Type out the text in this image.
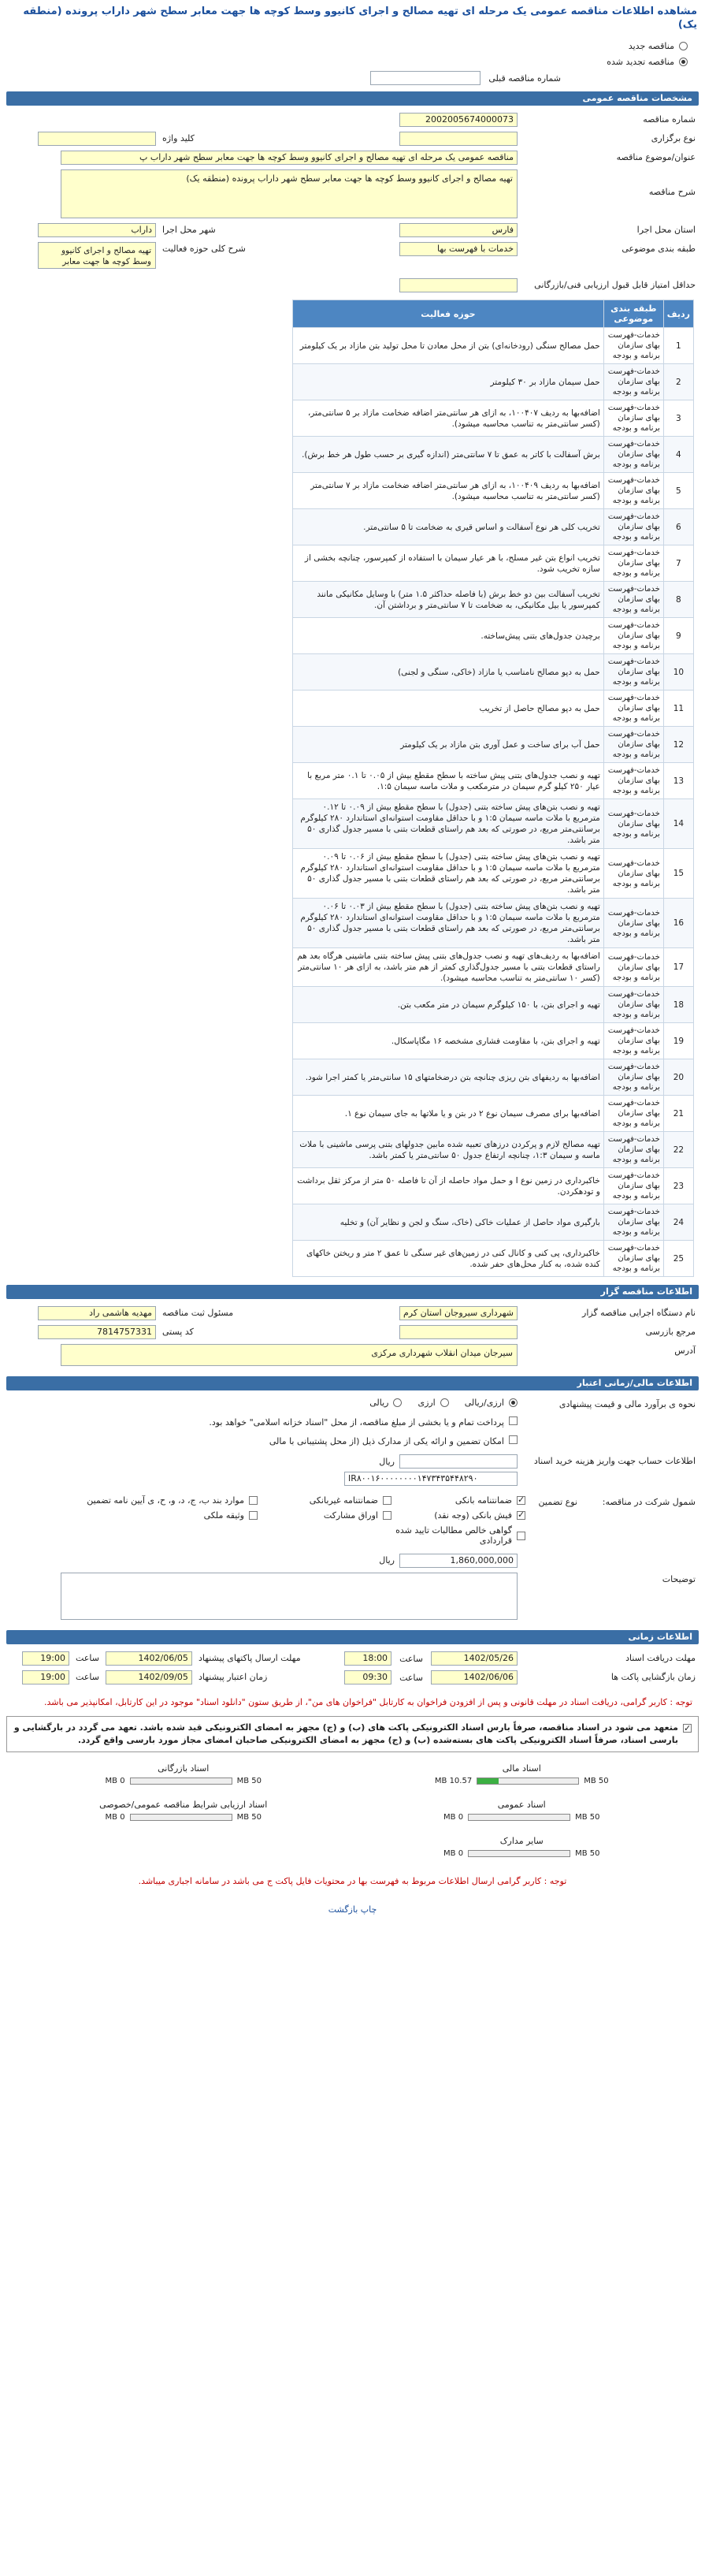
مشاهده اطلاعات مناقصه عمومی یک مرحله ای تهیه مصالح و اجرای کانیوو وسط کوچه ها جهت معابر سطح شهر داراب پرونده (منطقه یک)
مناقصه جدید
مناقصه تجدید شده
شماره مناقصه قبلی
مشخصات مناقصه عمومی
شماره مناقصه
2002005674000073
نوع برگزاری
کلید واژه
عنوان/موضوع مناقصه
مناقصه عمومی یک مرحله ای تهیه مصالح و اجرای کانیوو وسط کوچه ها جهت معابر سطح شهر داراب پ
شرح مناقصه
تهیه مصالح و اجرای کانیوو وسط کوچه ها جهت معابر سطح شهر داراب پرونده (منطقه یک)
استان محل اجرا
فارس
شهر محل اجرا
داراب
طبقه بندی موضوعی
خدمات با فهرست بها
شرح کلی حوزه فعالیت
تهیه مصالح و اجرای کانیوو وسط کوچه ها جهت معابر
حداقل امتیاز قابل قبول ارزیابی فنی/بازرگانی
ردیف	طبقه بندی موضوعی	حوزه فعالیت
1	خدمات-فهرست بهای سازمان برنامه و بودجه	حمل مصالح سنگی (رودخانه‌ای) بتن از محل معادن تا محل تولید بتن مازاد بر یک کیلومتر
2	خدمات-فهرست بهای سازمان برنامه و بودجه	حمل سیمان مازاد بر ۳۰ کیلومتر
3	خدمات-فهرست بهای سازمان برنامه و بودجه	اضافه‌بها به ردیف ۱۰۰۴۰۷، به ازای هر سانتی‌متر اضافه ضخامت مازاد بر ۵ سانتی‌متر، (کسر سانتی‌متر به تناسب محاسبه میشود).
4	خدمات-فهرست بهای سازمان برنامه و بودجه	برش آسفالت با کاتر به عمق تا ۷ سانتی‌متر (اندازه گیری بر حسب طول هر خط برش).
5	خدمات-فهرست بهای سازمان برنامه و بودجه	اضافه‌بها به ردیف ۱۰۰۴۰۹، به ازای هر سانتی‌متر اضافه ضخامت مازاد بر ۷ سانتی‌متر (کسر سانتی‌متر به تناسب محاسبه میشود).
6	خدمات-فهرست بهای سازمان برنامه و بودجه	تخریب کلی هر نوع آسفالت و اساس قیری به ضخامت تا ۵ سانتی‌متر.
7	خدمات-فهرست بهای سازمان برنامه و بودجه	تخریب انواع بتن غیر مسلح، با هر عیار سیمان با استفاده از کمپرسور، چنانچه بخشی از سازه تخریب شود.
8	خدمات-فهرست بهای سازمان برنامه و بودجه	تخریب آسفالت بین دو خط برش (با فاصله حداکثر ۱.۵ متر) با وسایل مکانیکی مانند کمپرسور یا بیل مکانیکی، به ضخامت تا ۷ سانتی‌متر و برداشتن آن.
9	خدمات-فهرست بهای سازمان برنامه و بودجه	برچیدن جدول‌های بتنی پیش‌ساخته.
10	خدمات-فهرست بهای سازمان برنامه و بودجه	حمل به دپو مصالح نامناسب یا مازاد (خاکی، سنگی و لجنی)
11	خدمات-فهرست بهای سازمان برنامه و بودجه	حمل به دپو مصالح حاصل از تخریب
12	خدمات-فهرست بهای سازمان برنامه و بودجه	حمل آب برای ساخت و عمل آوری بتن مازاد بر یک کیلومتر
13	خدمات-فهرست بهای سازمان برنامه و بودجه	تهیه و نصب جدول‌های بتنی پیش ساخته با سطح مقطع بیش از ۰.۰۵ تا ۰.۱ متر مربع با عیار ۲۵۰ کیلو گرم سیمان در مترمکعب و ملات ماسه سیمان ۱:۵.
14	خدمات-فهرست بهای سازمان برنامه و بودجه	تهیه و نصب بتن‌های پیش ساخته بتنی (جدول) با سطح مقطع بیش از ۰.۰۹ تا ۰.۱۲ مترمربع با ملات ماسه سیمان ۱:۵ و با حداقل مقاومت استوانه‌ای استاندارد ۲۸۰ کیلوگرم برسانتی‌متر مربع، در صورتی که بعد هم راستای قطعات بتنی با مسیر جدول گذاری ۵۰ متر باشد.
15	خدمات-فهرست بهای سازمان برنامه و بودجه	تهیه و نصب بتن‌های پیش ساخته بتنی (جدول) با سطح مقطع بیش از ۰.۰۶ تا ۰.۰۹ مترمربع با ملات ماسه سیمان ۱:۵ و با حداقل مقاومت استوانه‌ای استاندارد ۲۸۰ کیلوگرم برسانتی‌متر مربع، در صورتی که بعد هم راستای قطعات بتنی با مسیر جدول گذاری ۵۰ متر باشد.
16	خدمات-فهرست بهای سازمان برنامه و بودجه	تهیه و نصب بتن‌های پیش ساخته بتنی (جدول) با سطح مقطع بیش از ۰.۰۳ تا ۰.۰۶ مترمربع با ملات ماسه سیمان ۱:۵ و با حداقل مقاومت استوانه‌ای استاندارد ۲۸۰ کیلوگرم برسانتی‌متر مربع، در صورتی که بعد هم راستای قطعات بتنی با مسیر جدول گذاری ۵۰ متر باشد.
17	خدمات-فهرست بهای سازمان برنامه و بودجه	اضافه‌بها به ردیف‌های تهیه و نصب جدول‌های بتنی پیش ساخته بتنی ماشینی هرگاه بعد هم راستای قطعات بتنی با مسیر جدول‌گذاری کمتر از هم متر باشد، به ازای هر ۱۰ سانتی‌متر (کسر ۱۰ سانتی‌متر به تناسب محاسبه میشود).
18	خدمات-فهرست بهای سازمان برنامه و بودجه	تهیه و اجرای بتن، با ۱۵۰ کیلوگرم سیمان در متر مکعب بتن.
19	خدمات-فهرست بهای سازمان برنامه و بودجه	تهیه و اجرای بتن، با مقاومت فشاری مشخصه ۱۶ مگاپاسکال.
20	خدمات-فهرست بهای سازمان برنامه و بودجه	اضافه‌بها به ردیفهای بتن ریزی چنانچه بتن درضخامتهای ۱۵ سانتی‌متر یا کمتر اجرا شود.
21	خدمات-فهرست بهای سازمان برنامه و بودجه	اضافه‌بها برای مصرف سیمان نوع ۲ در بتن و یا ملاتها به جای سیمان نوع ۱.
22	خدمات-فهرست بهای سازمان برنامه و بودجه	تهیه مصالح لازم و پرکردن درزهای تعبیه شده مابین جدولهای بتنی پرسی ماشینی با ملات ماسه و سیمان ۱:۳، چنانچه ارتفاع جدول ۵۰ سانتی‌متر یا کمتر باشد.
23	خدمات-فهرست بهای سازمان برنامه و بودجه	خاکبرداری در زمین نوع I و حمل مواد حاصله از آن تا فاصله ۵۰ متر از مرکز ثقل برداشت و تودهکردن.
24	خدمات-فهرست بهای سازمان برنامه و بودجه	بارگیری مواد حاصل از عملیات خاکی (خاک، سنگ و لجن و نظایر آن) و تخلیه
25	خدمات-فهرست بهای سازمان برنامه و بودجه	خاکبرداری، پی کنی و کانال کنی در زمین‌های غیر سنگی تا عمق ۲ متر و ریختن خاکهای کنده شده، به کنار محل‌های حفر شده.
اطلاعات مناقصه گزار
نام دستگاه اجرایی مناقصه گزار
شهرداری سیروجان استان کرم
مسئول ثبت مناقصه
مهدیه هاشمی راد
مرجع بازرسی
کد پستی
7814757331
آدرس
سیرجان میدان انقلاب شهرداری مرکزی
اطلاعات مالی/زمانی اعتبار
نحوه ی برآورد مالی و قیمت پیشنهادی
ارزی/ریالی
ارزی
ریالی
پرداخت تمام و یا بخشی از مبلغ مناقصه، از محل "اسناد خزانه اسلامی" خواهد بود.
امکان تضمین و ارائه یکی از مدارک ذیل (از محل پشتیبانی با مالی
اطلاعات حساب جهت واریز هزینه خرید اسناد
ریال
IR۸۰۰۱۶۰۰۰۰۰۰۰۰۱۴۷۳۴۳۵۴۴۸۲۹۰
شمول شرکت در مناقصه:
نوع تضمین
✓
ضمانتنامه بانکی
ضمانتنامه غیربانکی
موارد بند ب، ج، د، و، ح، ی آیین نامه تضمین
✓
فیش بانکی (وجه نقد)
اوراق مشارکت
وثیقه ملکی
گواهی خالص مطالبات تایید شده قراردادی
1,860,000,000
ریال
توضیحات
اطلاعات زمانی
مهلت دریافت اسناد
1402/05/26
ساعت
18:00
مهلت ارسال پاکتهای پیشنهاد
1402/06/05
ساعت
19:00
زمان بازگشایی پاکت ها
1402/06/06
ساعت
09:30
زمان اعتبار پیشنهاد
1402/09/05
ساعت
19:00
توجه : کاربر گرامی، دریافت اسناد در مهلت قانونی و پس از افزودن فراخوان به کارتابل "فراخوان های من"، از طریق ستون "دانلود اسناد" موجود در این کارتابل، امکانپذیر می باشد.
✓
متعهد می شود در اسناد مناقصه، صرفاً بارس اسناد الکترونیکی پاکت های (ب) و (ج) مجهز به امضای الکترونیکی قید شده باشد. تعهد می گردد در بارگشایی و بارسی اسناد، صرفاً اسناد الکترونیکی پاکت های بسته‌شده (ب) و (ج) مجهز به امضای الکترونیکی صاحبان امضای مجاز مورد بارسی واقع گردد.
اسناد مالی
50 MB
10.57 MB
اسناد بازرگانی
50 MB
0 MB
اسناد عمومی
50 MB
0 MB
اسناد ارزیابی شرایط مناقصه عمومی/خصوصی
50 MB
0 MB
سایر مدارک
50 MB
0 MB
توجه : کاربر گرامی ارسال اطلاعات مربوط به فهرست بها در محتویات فایل پاکت ج می باشد در سامانه اجباری میباشد.
چاپ بازگشت
